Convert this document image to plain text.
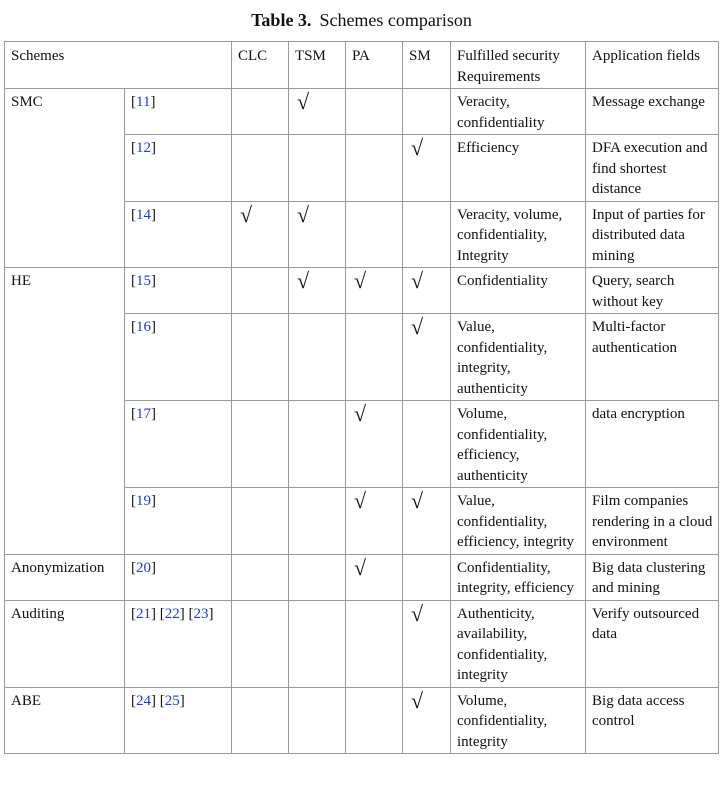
Table 3. Schemes comparison
Schemes		CLC	TSM	PA	SM	Fulfilled security Requirements	Application fields
SMC	[11]		√			Veracity, confidentiality	Message exchange
	[12]				√	Efficiency	DFA execution and find shortest distance
	[14]	√	√			Veracity, volume, confidentiality, Integrity	Input of parties for distributed data mining
HE	[15]		√	√	√	Confidentiality	Query, search without key
	[16]				√	Value, confidentiality, integrity, authenticity	Multi-factor authentication
	[17]			√		Volume, confidentiality, efficiency, authenticity	data encryption
	[19]			√	√	Value, confidentiality, efficiency, integrity	Film companies rendering in a cloud environment
Anonymization	[20]			√		Confidentiality, integrity, efficiency	Big data clustering and mining
Auditing	[21] [22] [23]				√	Authenticity, availability, confidentiality, integrity	Verify outsourced data
ABE	[24] [25]				√	Volume, confidentiality, integrity	Big data access control
